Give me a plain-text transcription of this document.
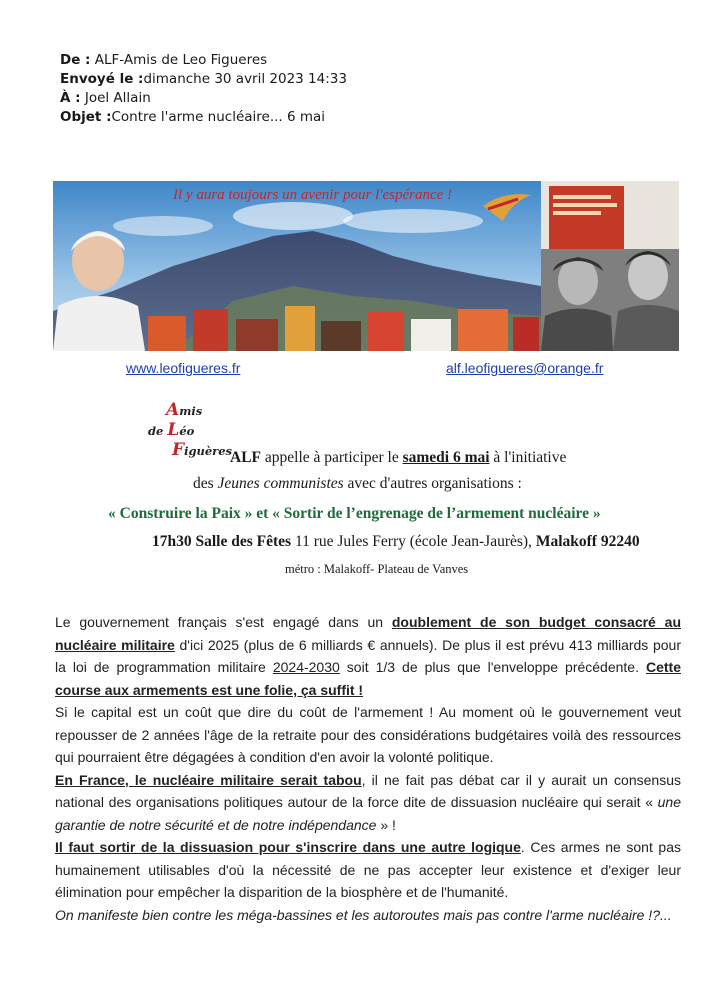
De : ALF-Amis de Leo Figueres
Envoyé le :dimanche 30 avril 2023 14:33
À : Joel Allain
Objet :Contre l'arme nucléaire... 6 mai
Il y aura toujours un avenir pour l'espérance !
www.leofigueres.fr	alf.leofigueres@orange.fr
Amis
de Léo
Figuères
ALF appelle à participer le samedi 6 mai à l'initiative
des Jeunes communistes avec d'autres organisations :
« Construire la Paix » et « Sortir de l’engrenage de l’armement nucléaire »
17h30 Salle des Fêtes 11 rue Jules Ferry (école Jean-Jaurès), Malakoff 92240
métro : Malakoff- Plateau de Vanves

Le gouvernement français s'est engagé dans un doublement de son budget consacré au nucléaire militaire d'ici 2025 (plus de 6 milliards € annuels). De plus il est prévu 413 milliards pour la loi de programmation militaire 2024-2030 soit 1/3 de plus que l'enveloppe précédente. Cette course aux armements est une folie, ça suffit !

Si le capital est un coût que dire du coût de l'armement ! Au moment où le gouvernement veut repousser de 2 années l'âge de la retraite pour des considérations budgétaires voilà des ressources qui pourraient être dégagées à condition d'en avoir la volonté politique.

En France, le nucléaire militaire serait tabou, il ne fait pas débat car il y aurait un consensus national des organisations politiques autour de la force dite de dissuasion nucléaire qui serait « une garantie de notre sécurité et de notre indépendance » !

Il faut sortir de la dissuasion pour s'inscrire dans une autre logique. Ces armes ne sont pas humainement utilisables d'où la nécessité de ne pas accepter leur existence et d'exiger leur élimination pour empêcher la disparition de la biosphère et de l'humanité.

On manifeste bien contre les méga-bassines et les autoroutes mais pas contre l'arme nucléaire !?...
